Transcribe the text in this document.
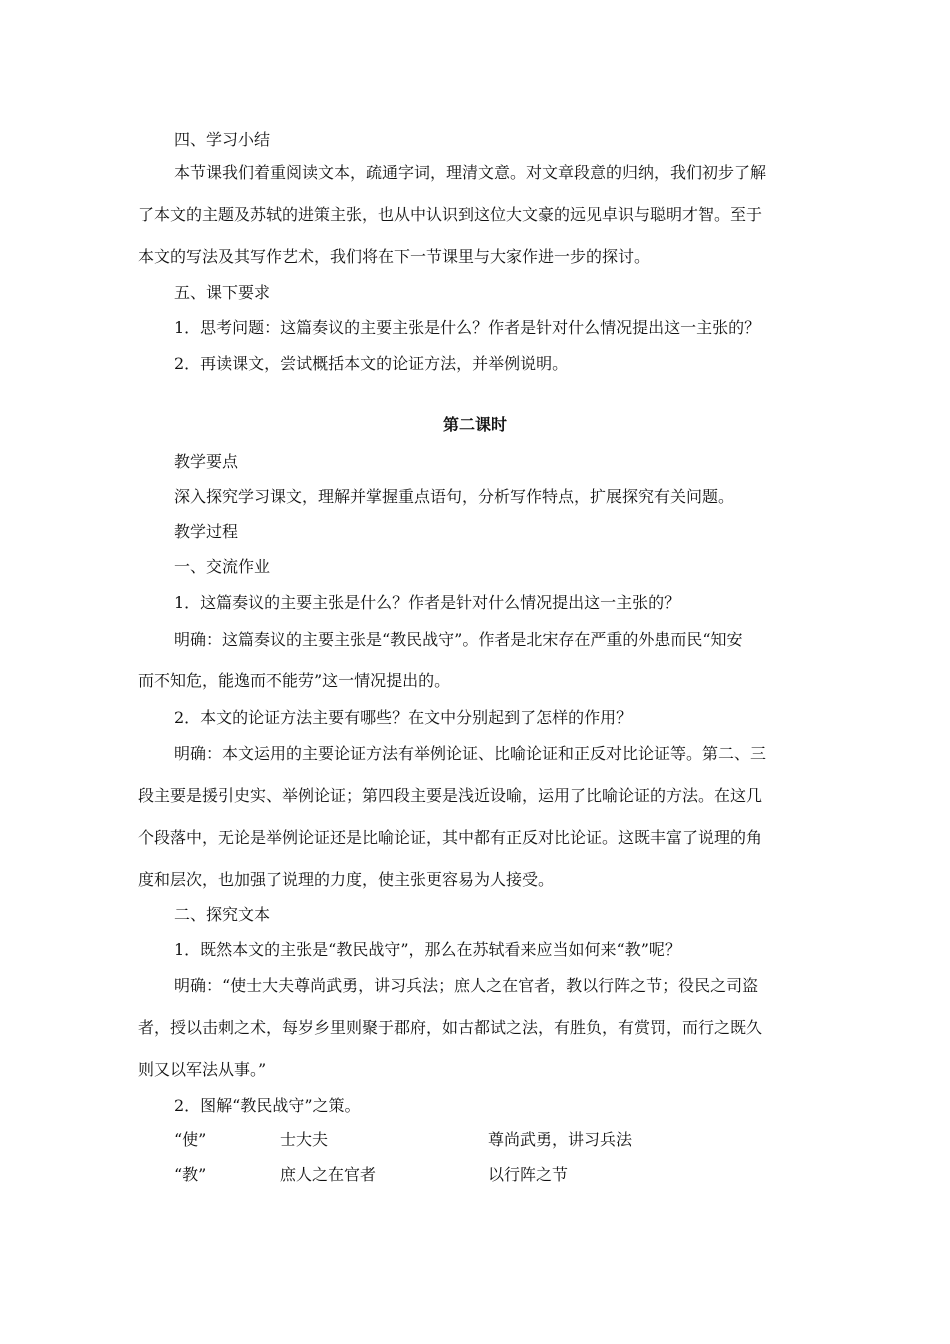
四、学习小结
本节课我们着重阅读文本，疏通字词，理清文意。对文章段意的归纳，我们初步了解
了本文的主题及苏轼的进策主张，也从中认识到这位大文豪的远见卓识与聪明才智。至于
本文的写法及其写作艺术，我们将在下一节课里与大家作进一步的探讨。
五、课下要求
1．思考问题：这篇奏议的主要主张是什么？作者是针对什么情况提出这一主张的？
2．再读课文，尝试概括本文的论证方法，并举例说明。
第二课时
教学要点
深入探究学习课文，理解并掌握重点语句，分析写作特点，扩展探究有关问题。
教学过程
一、交流作业
1．这篇奏议的主要主张是什么？作者是针对什么情况提出这一主张的？
明确：这篇奏议的主要主张是“教民战守”。作者是北宋存在严重的外患而民“知安
而不知危，能逸而不能劳”这一情况提出的。
2．本文的论证方法主要有哪些？在文中分别起到了怎样的作用？
明确：本文运用的主要论证方法有举例论证、比喻论证和正反对比论证等。第二、三
段主要是援引史实、举例论证；第四段主要是浅近设喻，运用了比喻论证的方法。在这几
个段落中，无论是举例论证还是比喻论证，其中都有正反对比论证。这既丰富了说理的角
度和层次，也加强了说理的力度，使主张更容易为人接受。
二、探究文本
1．既然本文的主张是“教民战守”，那么在苏轼看来应当如何来“教”呢？
明确：“使士大夫尊尚武勇，讲习兵法；庶人之在官者，教以行阵之节；役民之司盗
者，授以击刺之术，每岁乡里则聚于郡府，如古都试之法，有胜负，有赏罚，而行之既久
则又以军法从事。”
2．图解“教民战守”之策。
“使”	士大夫	尊尚武勇，讲习兵法
“教”	庶人之在官者	以行阵之节
